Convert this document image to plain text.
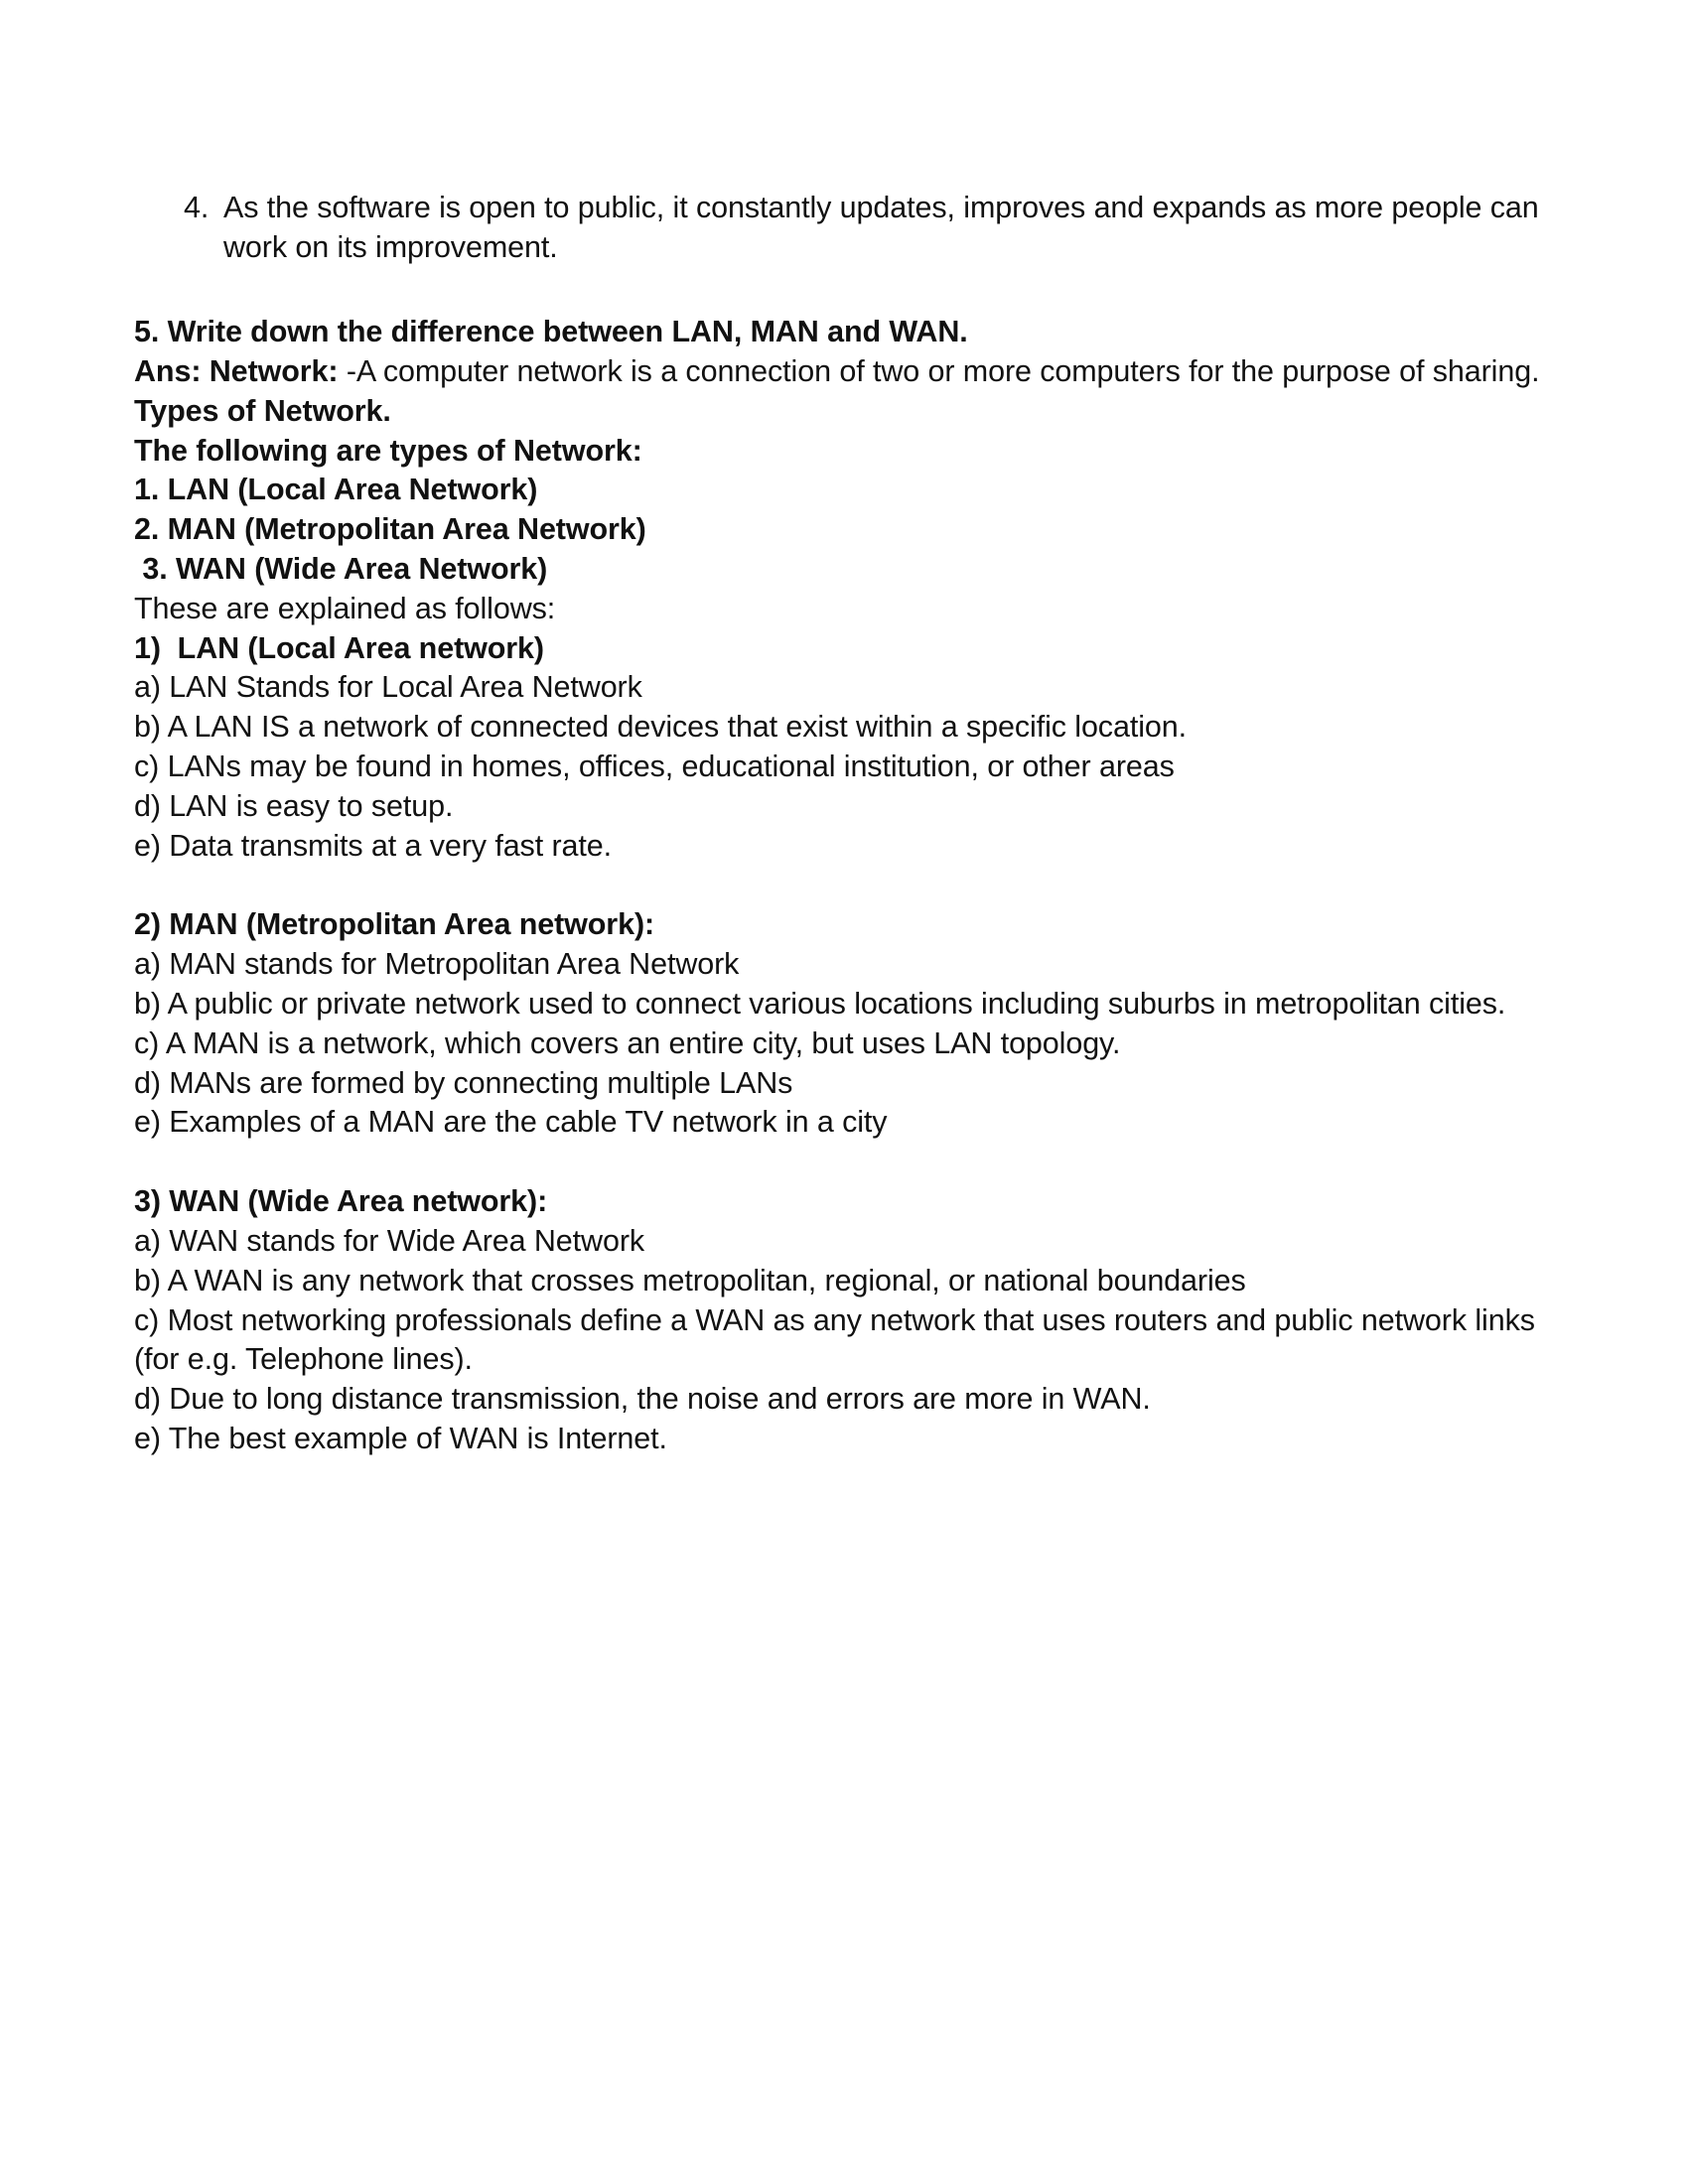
4. As the software is open to public, it constantly updates, improves and expands as more people can work on its improvement.

5. Write down the difference between LAN, MAN and WAN.

Ans: Network: -A computer network is a connection of two or more computers for the purpose of sharing.

Types of Network.

The following are types of Network:

1. LAN (Local Area Network)

2. MAN (Metropolitan Area Network)

3. WAN (Wide Area Network)

These are explained as follows:

1)  LAN (Local Area network)

a) LAN Stands for Local Area Network

b) A LAN IS a network of connected devices that exist within a specific location.

c) LANs may be found in homes, offices, educational institution, or other areas

d) LAN is easy to setup.

e) Data transmits at a very fast rate.

2) MAN (Metropolitan Area network):

a) MAN stands for Metropolitan Area Network

b) A public or private network used to connect various locations including suburbs in metropolitan cities.

c) A MAN is a network, which covers an entire city, but uses LAN topology.

d) MANs are formed by connecting multiple LANs

e) Examples of a MAN are the cable TV network in a city

3) WAN (Wide Area network):

a) WAN stands for Wide Area Network

b) A WAN is any network that crosses metropolitan, regional, or national boundaries

c) Most networking professionals define a WAN as any network that uses routers and public network links (for e.g. Telephone lines).

d) Due to long distance transmission, the noise and errors are more in WAN.

e) The best example of WAN is Internet.
